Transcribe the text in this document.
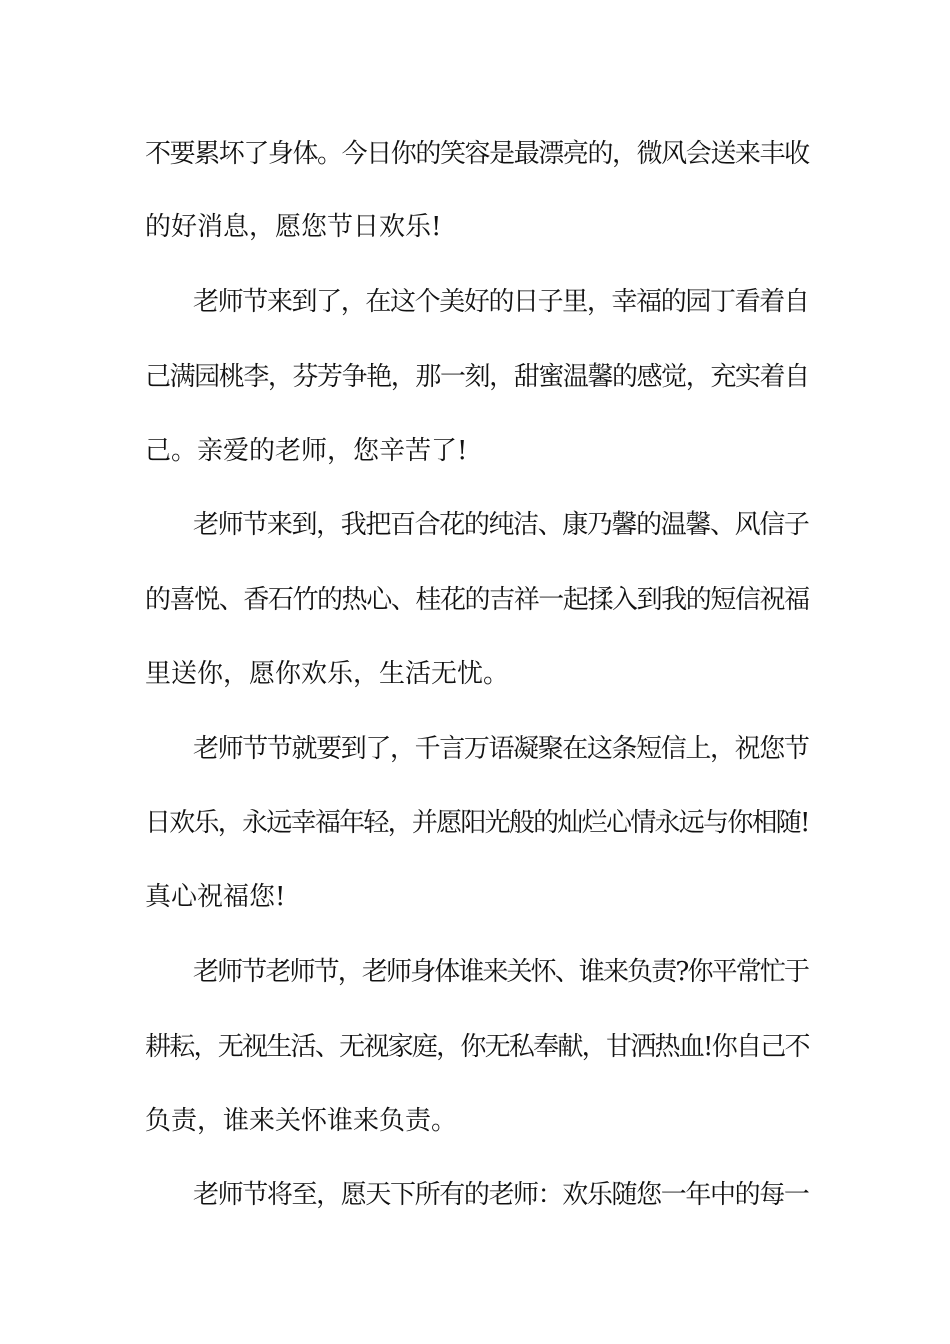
不要累坏了身体。今日你的笑容是最漂亮的，微风会送来丰收
的好消息，愿您节日欢乐!
老师节来到了，在这个美好的日子里，幸福的园丁看着自
己满园桃李，芬芳争艳，那一刻，甜蜜温馨的感觉，充实着自
己。亲爱的老师，您辛苦了!
老师节来到，我把百合花的纯洁、康乃馨的温馨、风信子
的喜悦、香石竹的热心、桂花的吉祥一起揉入到我的短信祝福
里送你，愿你欢乐，生活无忧。
老师节节就要到了，千言万语凝聚在这条短信上，祝您节
日欢乐，永远幸福年轻，并愿阳光般的灿烂心情永远与你相随!
真心祝福您!
老师节老师节，老师身体谁来关怀、谁来负责?你平常忙于
耕耘，无视生活、无视家庭，你无私奉献，甘洒热血!你自己不
负责，谁来关怀谁来负责。
老师节将至，愿天下所有的老师：欢乐随您一年中的每一
